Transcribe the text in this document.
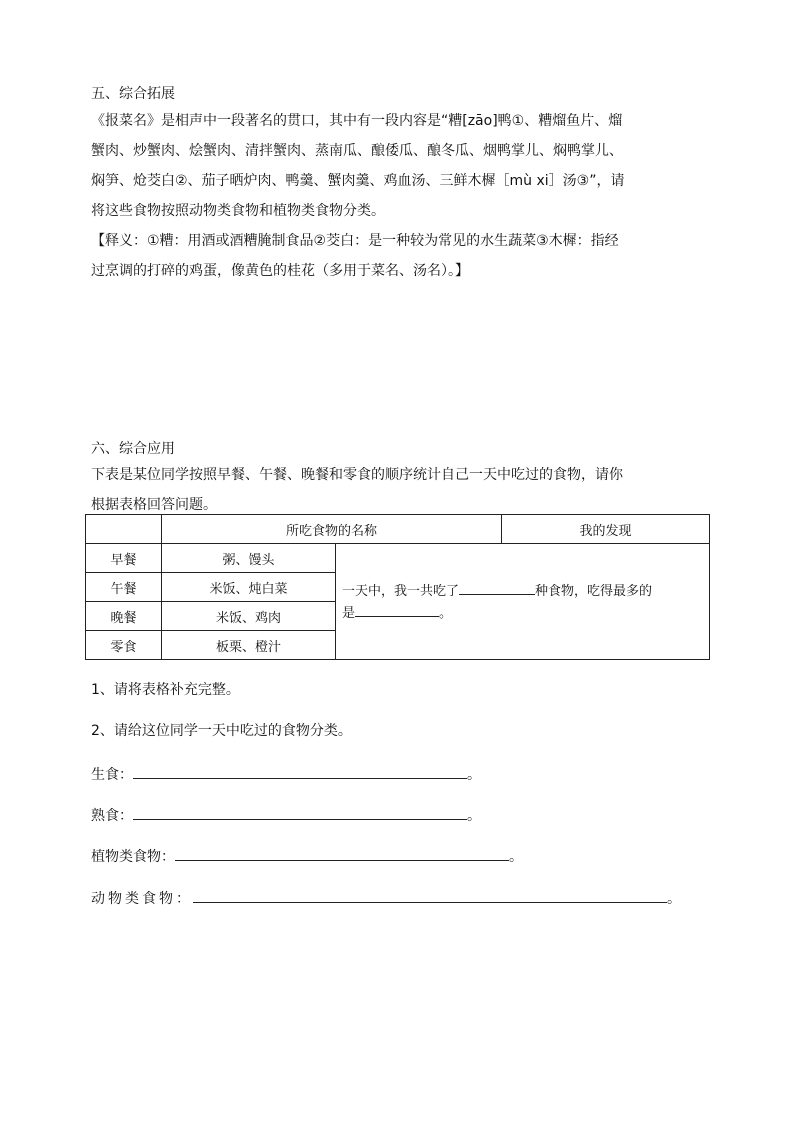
五、综合拓展
《报菜名》是相声中一段著名的贯口，其中有一段内容是“糟[zāo]鸭①、糟熘鱼片、熘
蟹肉、炒蟹肉、烩蟹肉、清拌蟹肉、蒸南瓜、酿倭瓜、酿冬瓜、烟鸭掌儿、焖鸭掌儿、
焖笋、炝茭白②、茄子晒炉肉、鸭羹、蟹肉羹、鸡血汤、三鲜木樨［mù xi］汤③”，请
将这些食物按照动物类食物和植物类食物分类。
【释义：①糟：用酒或酒糟腌制食品②茭白：是一种较为常见的水生蔬菜③木樨：指经
过烹调的打碎的鸡蛋，像黄色的桂花（多用于菜名、汤名）。】
六、综合应用
下表是某位同学按照早餐、午餐、晚餐和零食的顺序统计自己一天中吃过的食物，请你
根据表格回答问题。
	所吃食物的名称		我的发现
早餐	粥、馒头	一天中，我一共吃了 种食物，吃得最多的
是 。	
午餐	米饭、炖白菜		
晚餐	米饭、鸡肉		
零食	板栗、橙汁		
1、请将表格补充完整。
2、请给这位同学一天中吃过的食物分类。
生食：	。
熟食：	。
植物类食物：	。
动物类食物：	。
